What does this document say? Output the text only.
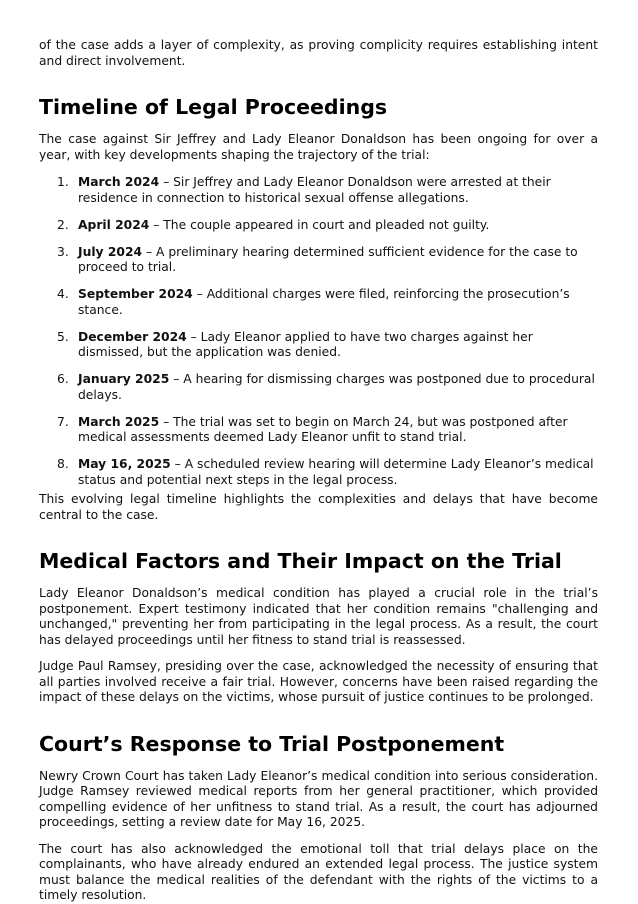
of the case adds a layer of complexity, as proving complicity requires establishing intent and direct involvement.

Timeline of Legal Proceedings

The case against Sir Jeffrey and Lady Eleanor Donaldson has been ongoing for over a year, with key developments shaping the trajectory of the trial:

1. March 2024 – Sir Jeffrey and Lady Eleanor Donaldson were arrested at their residence in connection to historical sexual offense allegations.
2. April 2024 – The couple appeared in court and pleaded not guilty.
3. July 2024 – A preliminary hearing determined sufficient evidence for the case to proceed to trial.
4. September 2024 – Additional charges were filed, reinforcing the prosecution’s stance.
5. December 2024 – Lady Eleanor applied to have two charges against her dismissed, but the application was denied.
6. January 2025 – A hearing for dismissing charges was postponed due to procedural delays.
7. March 2025 – The trial was set to begin on March 24, but was postponed after medical assessments deemed Lady Eleanor unfit to stand trial.
8. May 16, 2025 – A scheduled review hearing will determine Lady Eleanor’s medical status and potential next steps in the legal process.

This evolving legal timeline highlights the complexities and delays that have become central to the case.

Medical Factors and Their Impact on the Trial

Lady Eleanor Donaldson’s medical condition has played a crucial role in the trial’s postponement. Expert testimony indicated that her condition remains "challenging and unchanged," preventing her from participating in the legal process. As a result, the court has delayed proceedings until her fitness to stand trial is reassessed.

Judge Paul Ramsey, presiding over the case, acknowledged the necessity of ensuring that all parties involved receive a fair trial. However, concerns have been raised regarding the impact of these delays on the victims, whose pursuit of justice continues to be prolonged.

Court’s Response to Trial Postponement

Newry Crown Court has taken Lady Eleanor’s medical condition into serious consideration. Judge Ramsey reviewed medical reports from her general practitioner, which provided compelling evidence of her unfitness to stand trial. As a result, the court has adjourned proceedings, setting a review date for May 16, 2025.

The court has also acknowledged the emotional toll that trial delays place on the complainants, who have already endured an extended legal process. The justice system must balance the medical realities of the defendant with the rights of the victims to a timely resolution.
